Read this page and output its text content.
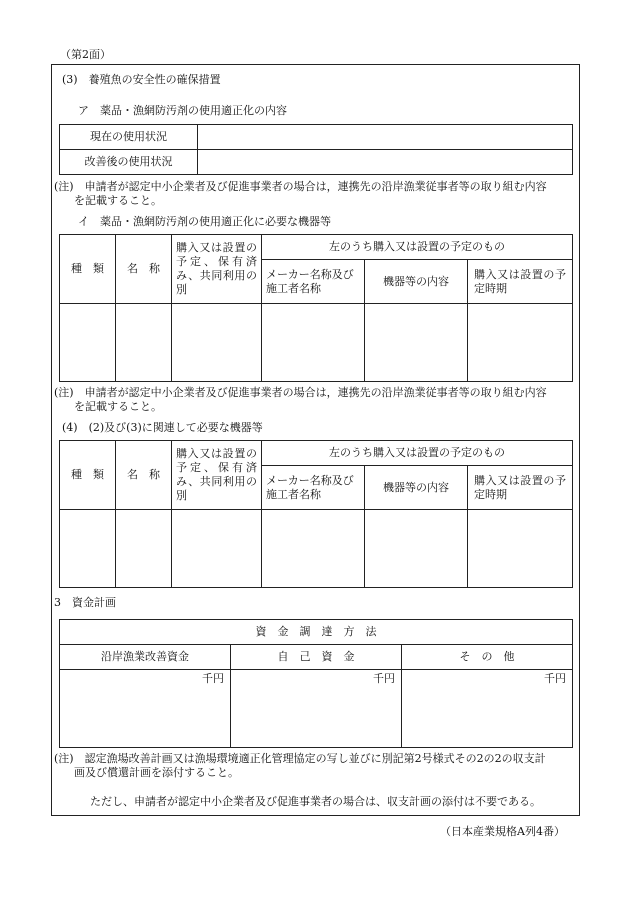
（第2面）
(3)　養殖魚の安全性の確保措置
ア　薬品・漁網防汚剤の使用適正化の内容
現在の使用状況	
改善後の使用状況	
(注)　申請者が認定中小企業者及び促進事業者の場合は，連携先の沿岸漁業従事者等の取り組む内容
を記載すること。
イ　薬品・漁網防汚剤の使用適正化に必要な機器等
種　類	名　称	購入又は設置の予定、保有済み、共同利用の別	左のうち購入又は設置の予定のもの		
			メーカー名称及び施工者名称	機器等の内容	購入又は設置の予定時期

(注)　申請者が認定中小企業者及び促進事業者の場合は，連携先の沿岸漁業従事者等の取り組む内容
を記載すること。
(4)　(2)及び(3)に関連して必要な機器等
種　類	名　称	購入又は設置の予定、保有済み、共同利用の別	左のうち購入又は設置の予定のもの		
			メーカー名称及び施工者名称	機器等の内容	購入又は設置の予定時期

3　資金計画
資　金　調　達　方　法		
沿岸漁業改善資金	自　己　資　金	そ　の　他
千円	千円	千円
(注)　認定漁場改善計画又は漁場環境適正化管理協定の写し並びに別記第2号様式その2の2の収支計
画及び償還計画を添付すること。
ただし、申請者が認定中小企業者及び促進事業者の場合は、収支計画の添付は不要である。
（日本産業規格A列4番）
